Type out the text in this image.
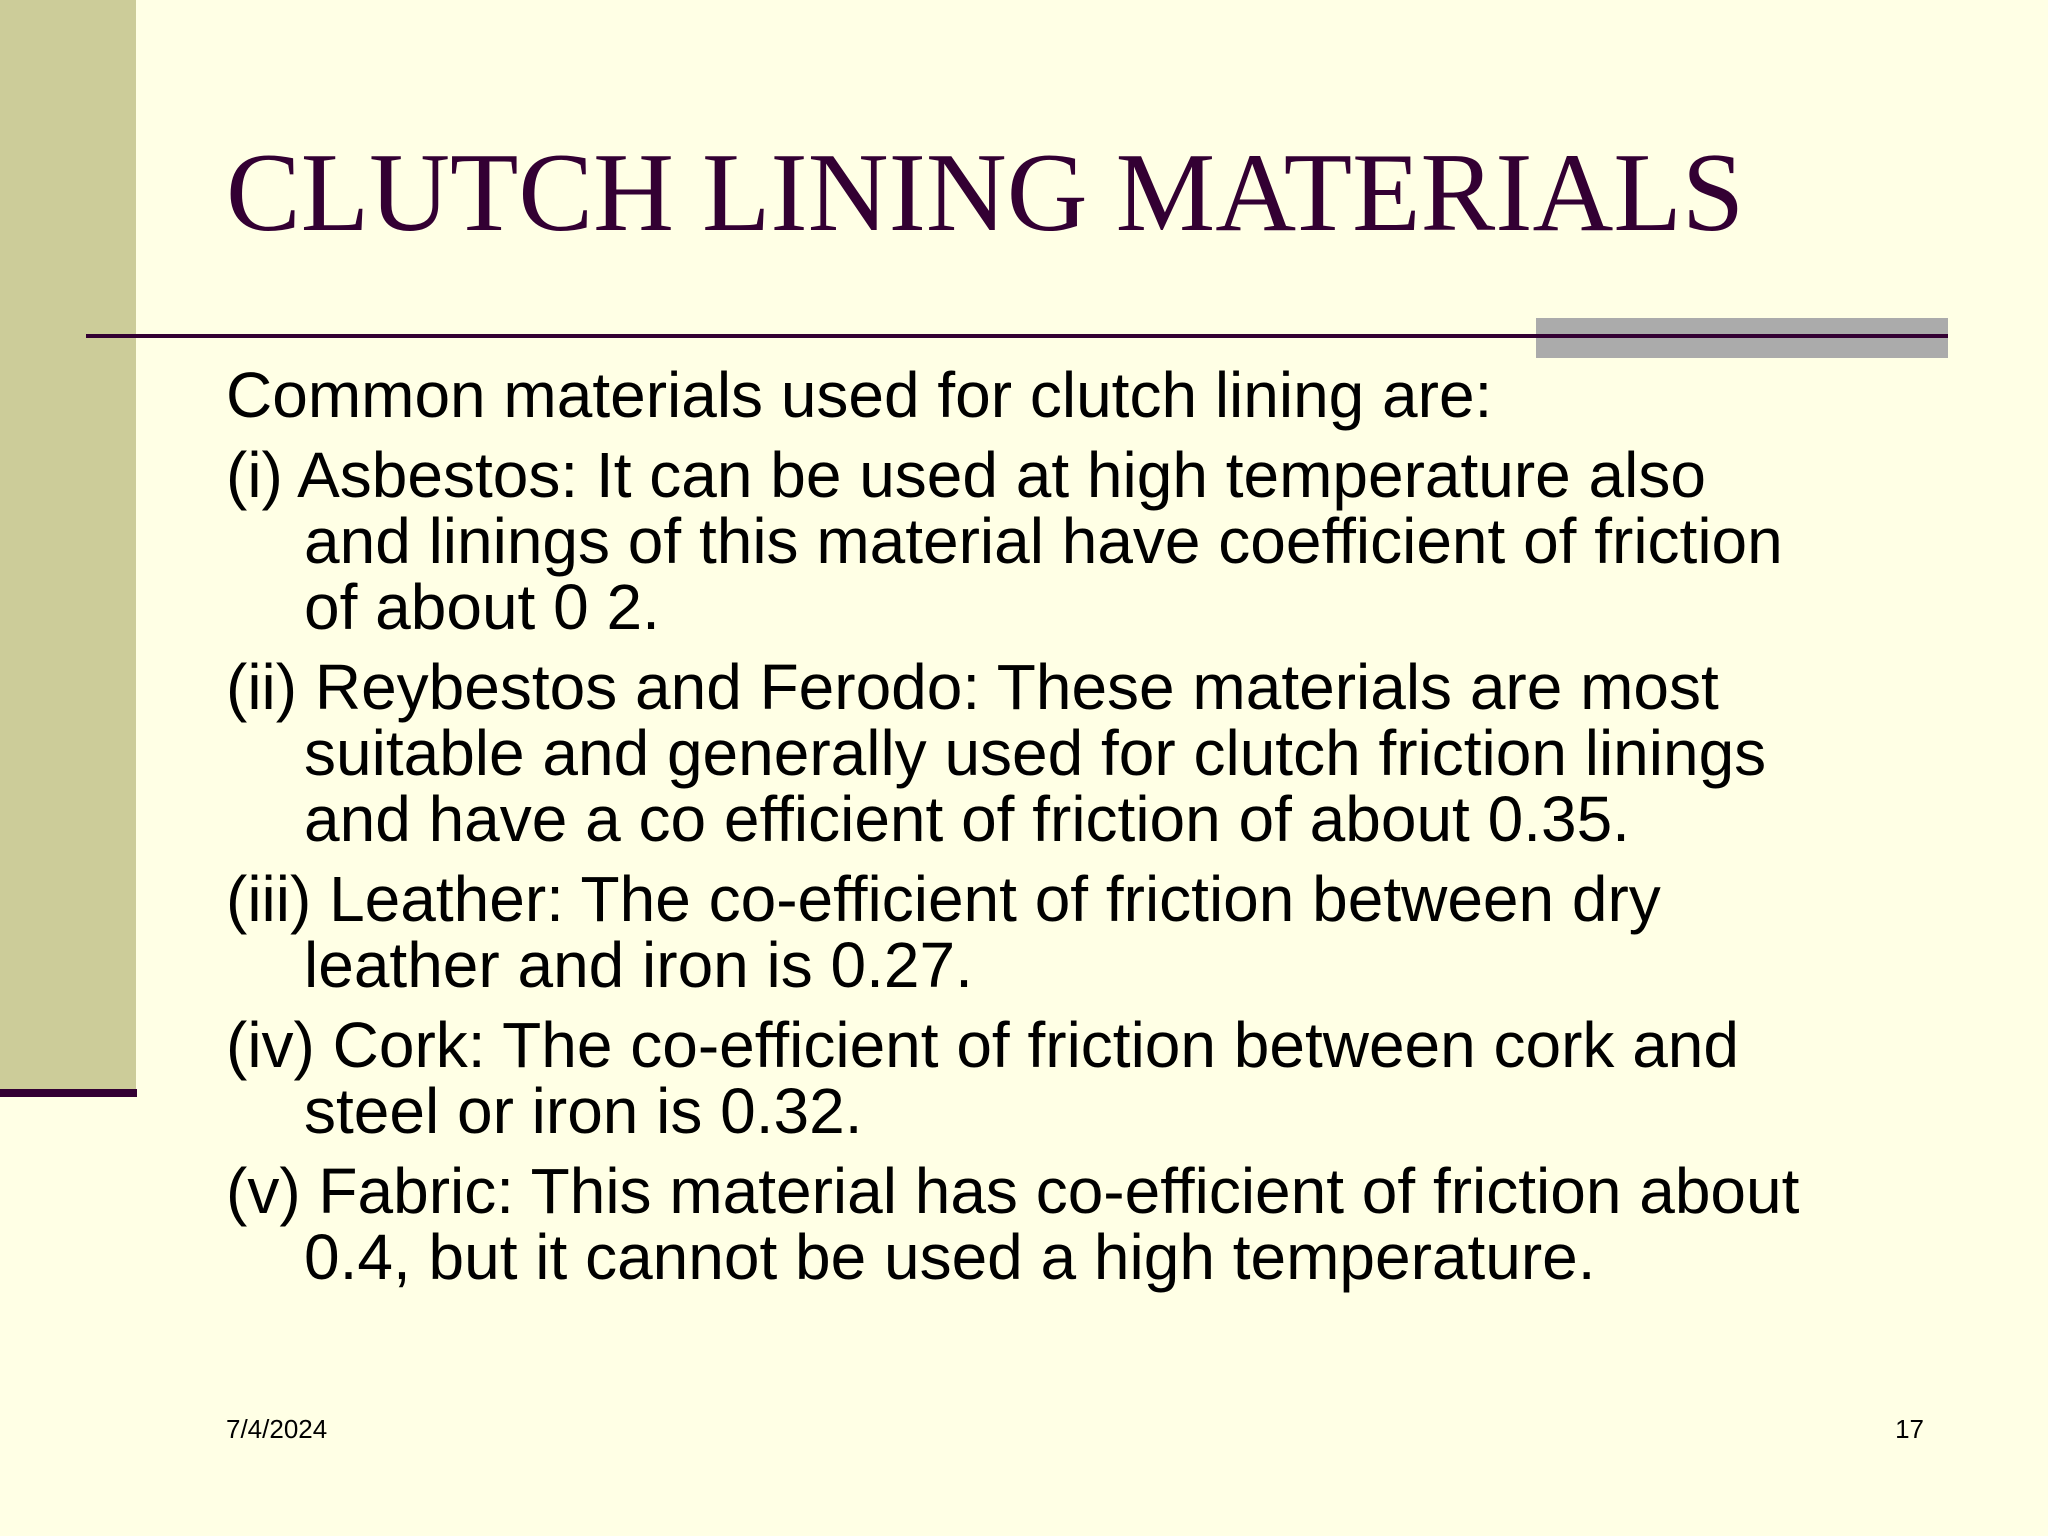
CLUTCH LINING MATERIALS

Common materials used for clutch lining are:

(i) Asbestos: It can be used at high temperature also
and linings of this material have coefficient of friction
of about 0 2.
(ii) Reybestos and Ferodo: These materials are most
suitable and generally used for clutch friction linings
and have a co efficient of friction of about 0.35.
(iii) Leather: The co-efficient of friction between dry
leather and iron is 0.27.
(iv) Cork: The co-efficient of friction between cork and
steel or iron is 0.32.
(v) Fabric: This material has co-efficient of friction about
0.4, but it cannot be used a high temperature.
7/4/2024	17
